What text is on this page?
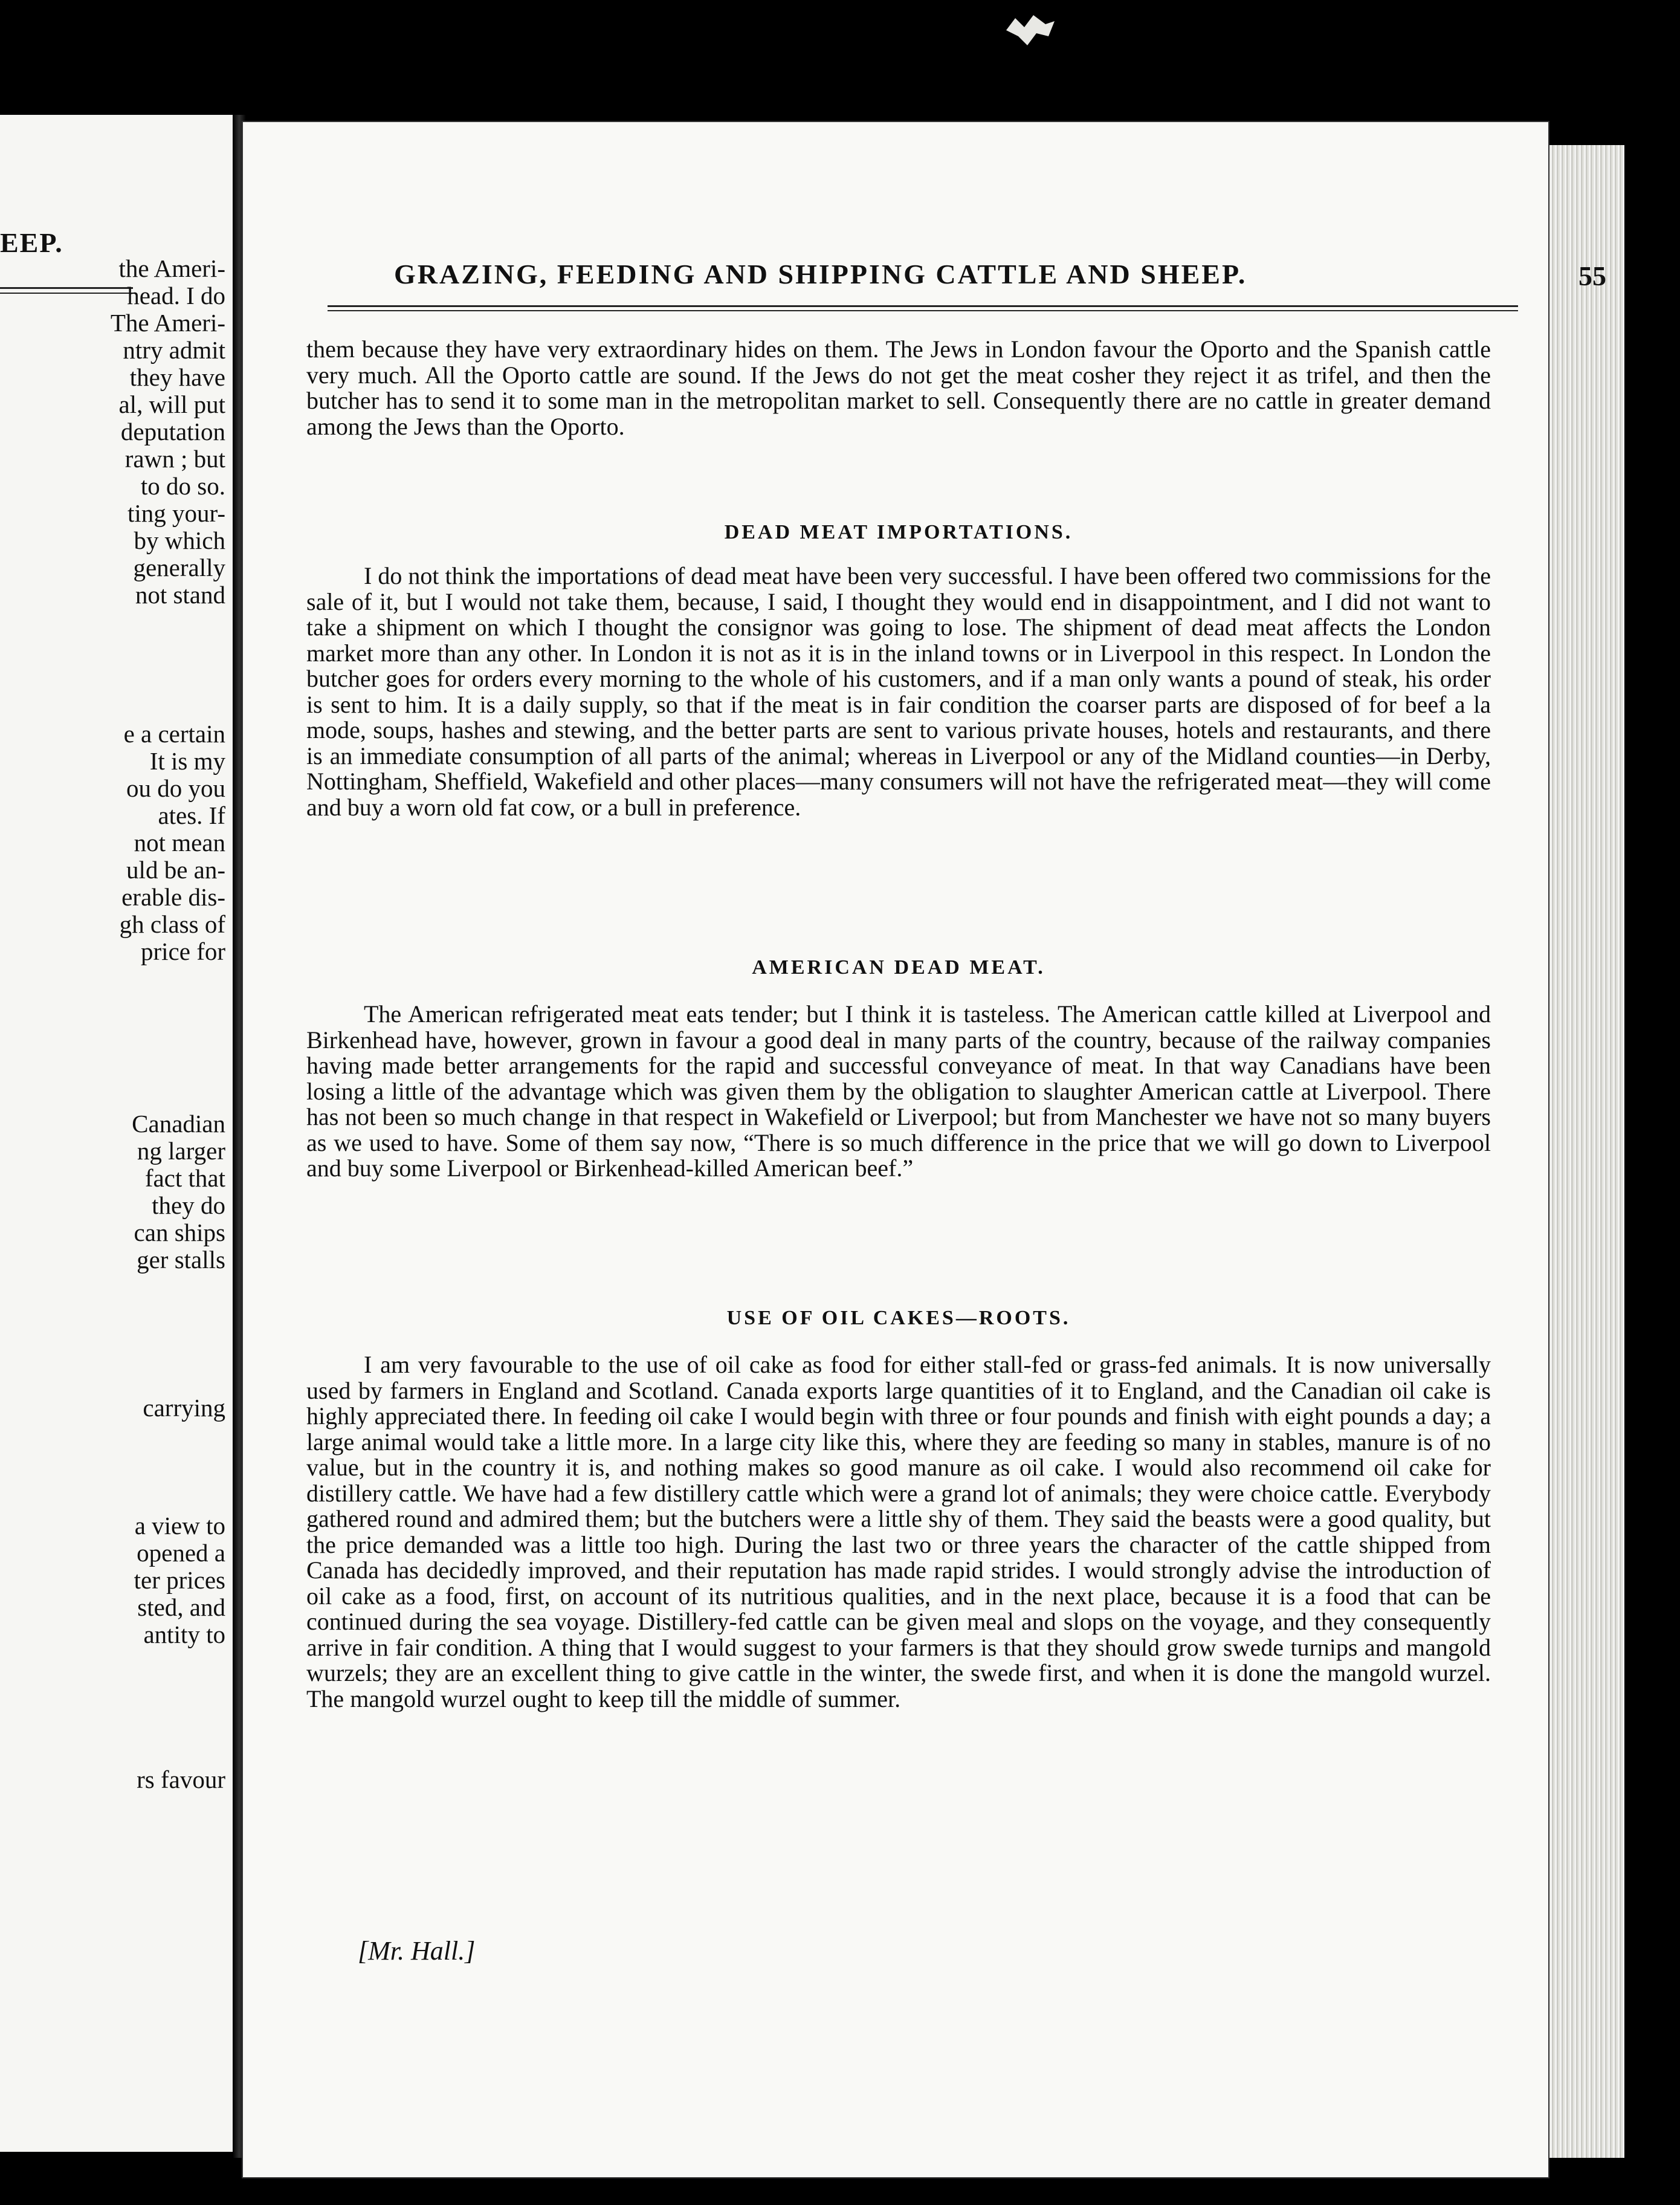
EEP.
the Ameri-
head. I do
The Ameri-
ntry admit
they have
al, will put
deputation
rawn ; but
to do so.
ting your-
by which
generally
not stand
e a certain
It is my
ou do you
ates. If
not mean
uld be an-
erable dis-
gh class of
price for
Canadian
ng larger
fact that
they do
can ships
ger stalls
carrying
a view to
opened a
ter prices
sted, and
antity to
rs favour
GRAZING, FEEDING AND SHIPPING CATTLE AND SHEEP.	55

them because they have very extraordinary hides on them. The Jews in London favour the Oporto and the Spanish cattle very much. All the Oporto cattle are sound. If the Jews do not get the meat cosher they reject it as trifel, and then the butcher has to send it to some man in the metropolitan market to sell. Consequently there are no cattle in greater demand among the Jews than the Oporto.

DEAD MEAT IMPORTATIONS.

I do not think the importations of dead meat have been very successful. I have been offered two commissions for the sale of it, but I would not take them, because, I said, I thought they would end in disappointment, and I did not want to take a shipment on which I thought the consignor was going to lose. The shipment of dead meat affects the London market more than any other. In London it is not as it is in the inland towns or in Liverpool in this respect. In London the butcher goes for orders every morning to the whole of his customers, and if a man only wants a pound of steak, his order is sent to him. It is a daily supply, so that if the meat is in fair condition the coarser parts are disposed of for beef a la mode, soups, hashes and stewing, and the better parts are sent to various private houses, hotels and restaurants, and there is an immediate consumption of all parts of the animal; whereas in Liverpool or any of the Midland counties—in Derby, Nottingham, Sheffield, Wakefield and other places—many consumers will not have the refrigerated meat—they will come and buy a worn old fat cow, or a bull in preference.

AMERICAN DEAD MEAT.

The American refrigerated meat eats tender; but I think it is tasteless. The American cattle killed at Liverpool and Birkenhead have, however, grown in favour a good deal in many parts of the country, because of the railway companies having made better arrangements for the rapid and successful conveyance of meat. In that way Canadians have been losing a little of the advantage which was given them by the obligation to slaughter American cattle at Liverpool. There has not been so much change in that respect in Wakefield or Liverpool; but from Manchester we have not so many buyers as we used to have. Some of them say now, “There is so much difference in the price that we will go down to Liverpool and buy some Liverpool or Birkenhead-killed American beef.”

USE OF OIL CAKES—ROOTS.

I am very favourable to the use of oil cake as food for either stall-fed or grass-fed animals. It is now universally used by farmers in England and Scotland. Canada exports large quantities of it to England, and the Canadian oil cake is highly appreciated there. In feeding oil cake I would begin with three or four pounds and finish with eight pounds a day; a large animal would take a little more. In a large city like this, where they are feeding so many in stables, manure is of no value, but in the country it is, and nothing makes so good manure as oil cake. I would also recommend oil cake for distillery cattle. We have had a few distillery cattle which were a grand lot of animals; they were choice cattle. Everybody gathered round and admired them; but the butchers were a little shy of them. They said the beasts were a good quality, but the price demanded was a little too high. During the last two or three years the character of the cattle shipped from Canada has decidedly improved, and their reputation has made rapid strides. I would strongly advise the introduction of oil cake as a food, first, on account of its nutritious qualities, and in the next place, because it is a food that can be continued during the sea voyage. Distillery-fed cattle can be given meal and slops on the voyage, and they consequently arrive in fair condition. A thing that I would suggest to your farmers is that they should grow swede turnips and mangold wurzels; they are an excellent thing to give cattle in the winter, the swede first, and when it is done the mangold wurzel. The mangold wurzel ought to keep till the middle of summer.

[Mr. Hall.]
